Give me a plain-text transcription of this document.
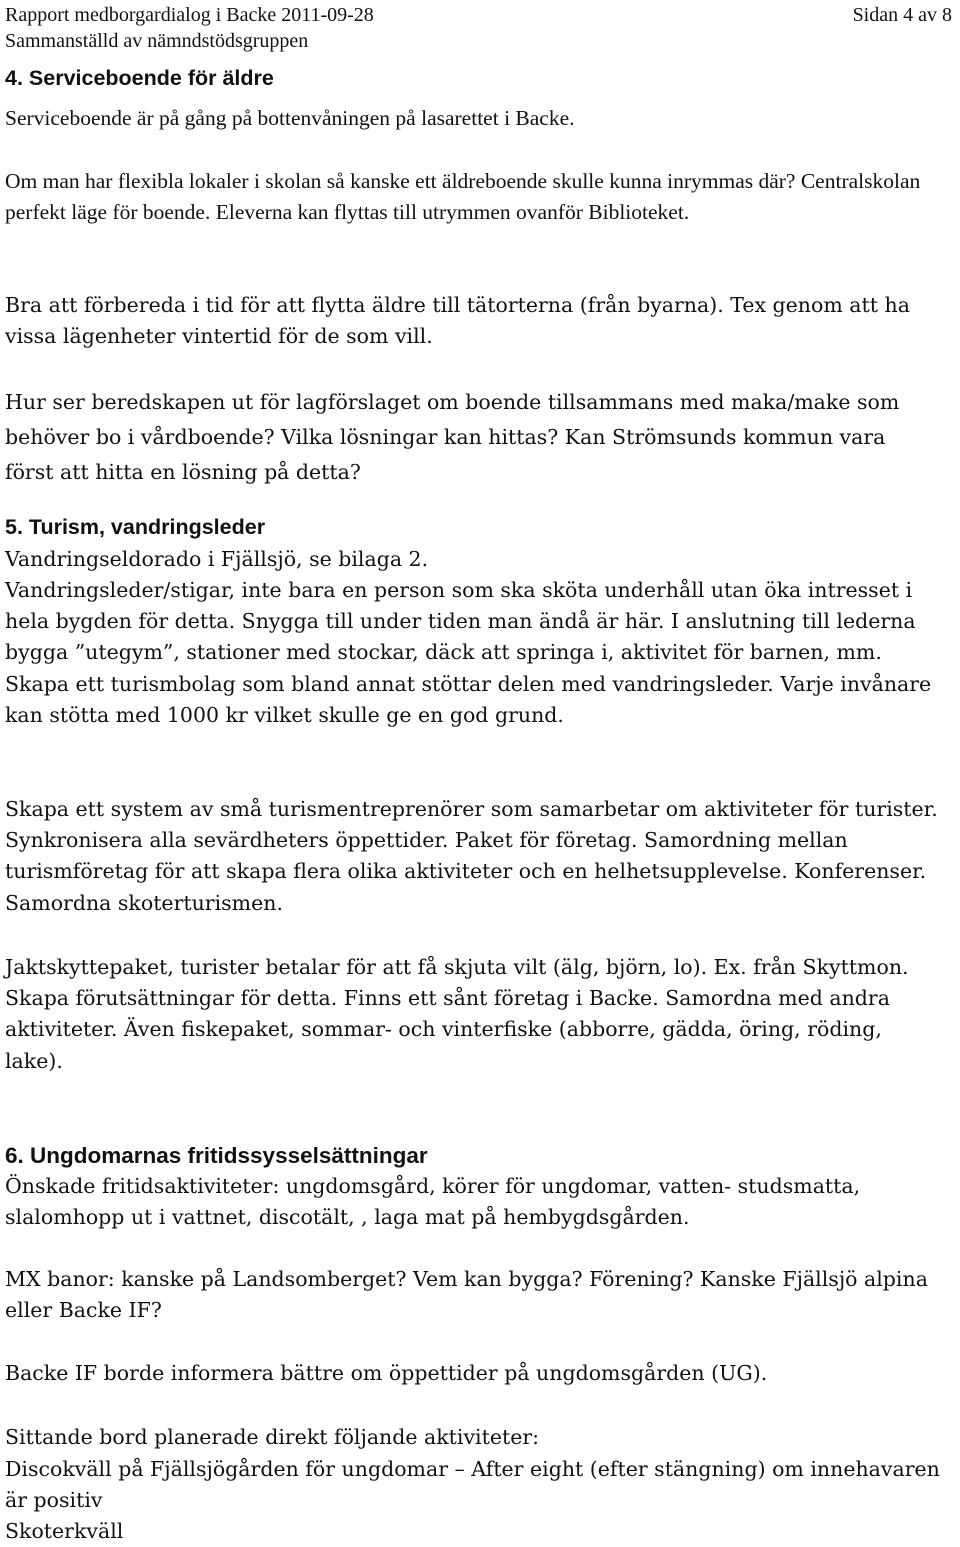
Rapport medborgardialog i Backe 2011-09-28	Sidan 4 av 8
Sammanställd av nämndstödsgruppen
4. Serviceboende för äldre
Serviceboende är på gång på bottenvåningen på lasarettet i Backe.
Om man har flexibla lokaler i skolan så kanske ett äldreboende skulle kunna inrymmas där? Centralskolan perfekt läge för boende. Eleverna kan flyttas till utrymmen ovanför Biblioteket.
Bra att förbereda i tid för att flytta äldre till tätorterna (från byarna). Tex genom att ha vissa lägenheter vintertid för de som vill.
Hur ser beredskapen ut för lagförslaget om boende tillsammans med maka/make som behöver bo i vårdboende? Vilka lösningar kan hittas? Kan Strömsunds kommun vara först att hitta en lösning på detta?
5. Turism, vandringsleder
Vandringseldorado i Fjällsjö, se bilaga 2.
Vandringsleder/stigar, inte bara en person som ska sköta underhåll utan öka intresset i hela bygden för detta. Snygga till under tiden man ändå är här. I anslutning till lederna bygga ”utegym”, stationer med stockar, däck att springa i, aktivitet för barnen, mm. Skapa ett turismbolag som bland annat stöttar delen med vandringsleder. Varje invånare kan stötta med 1000 kr vilket skulle ge en god grund.
Skapa ett system av små turismentreprenörer som samarbetar om aktiviteter för turister. Synkronisera alla sevärdheters öppettider. Paket för företag. Samordning mellan turismföretag för att skapa flera olika aktiviteter och en helhetsupplevelse. Konferenser. Samordna skoterturismen.
Jaktskyttepaket, turister betalar för att få skjuta vilt (älg, björn, lo). Ex. från Skyttmon. Skapa förutsättningar för detta. Finns ett sånt företag i Backe. Samordna med andra aktiviteter. Även fiskepaket, sommar- och vinterfiske (abborre, gädda, öring, röding, lake).
6. Ungdomarnas fritidssysselsättningar
Önskade fritidsaktiviteter: ungdomsgård, körer för ungdomar, vatten- studsmatta, slalomhopp ut i vattnet, discotält, , laga mat på hembygdsgården.
MX banor: kanske på Landsomberget? Vem kan bygga? Förening? Kanske Fjällsjö alpina eller Backe IF?
Backe IF borde informera bättre om öppettider på ungdomsgården (UG).
Sittande bord planerade direkt följande aktiviteter:
Discokväll på Fjällsjögården för ungdomar – After eight (efter stängning) om innehavaren är positiv
Skoterkväll
